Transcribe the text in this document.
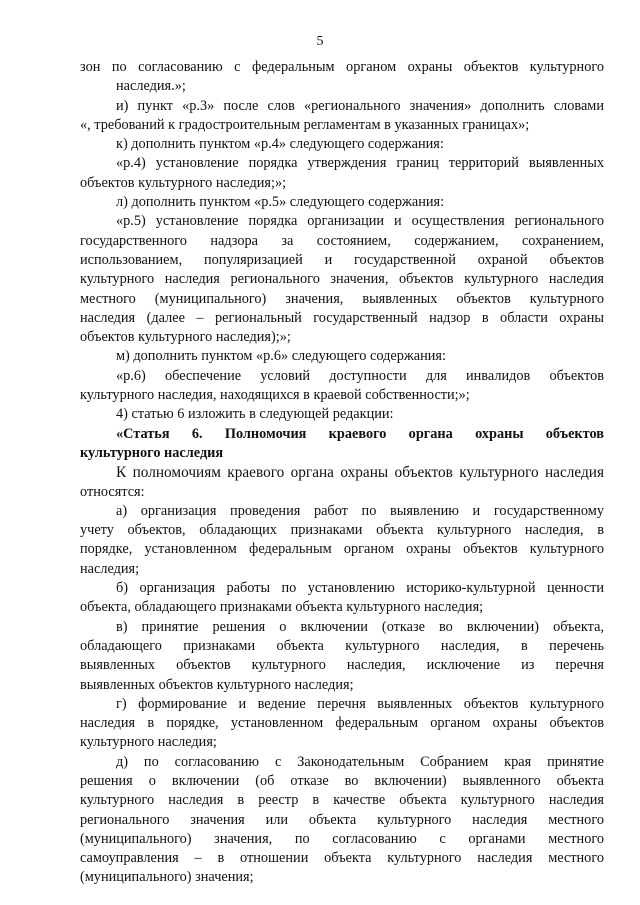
5
зон по согласованию с федеральным органом охраны объектов культурного
наследия.»;
и) пункт «р.3» после слов «регионального значения» дополнить словами
«, требований к градостроительным регламентам в указанных границах»;
к) дополнить пунктом «р.4» следующего содержания:
«р.4) установление порядка утверждения границ территорий выявленных
объектов культурного наследия;»;
л) дополнить пунктом «р.5» следующего содержания:
«р.5) установление порядка организации и осуществления регионального
государственного надзора за состоянием, содержанием, сохранением,
использованием, популяризацией и государственной охраной объектов
культурного наследия регионального значения, объектов культурного наследия
местного (муниципального) значения, выявленных объектов культурного
наследия (далее – региональный государственный надзор в области охраны
объектов культурного наследия);»;
м) дополнить пунктом «р.6» следующего содержания:
«р.6) обеспечение условий доступности для инвалидов объектов
культурного наследия, находящихся в краевой собственности;»;
4) статью 6 изложить в следующей редакции:
«Статья 6. Полномочия краевого органа охраны объектов
культурного наследия
К полномочиям краевого органа охраны объектов культурного наследия
относятся:
а) организация проведения работ по выявлению и государственному
учету объектов, обладающих признаками объекта культурного наследия, в
порядке, установленном федеральным органом охраны объектов культурного
наследия;
б) организация работы по установлению историко-культурной ценности
объекта, обладающего признаками объекта культурного наследия;
в) принятие решения о включении (отказе во включении) объекта,
обладающего признаками объекта культурного наследия, в перечень
выявленных объектов культурного наследия, исключение из перечня
выявленных объектов культурного наследия;
г) формирование и ведение перечня выявленных объектов культурного
наследия в порядке, установленном федеральным органом охраны объектов
культурного наследия;
д) по согласованию с Законодательным Собранием края принятие
решения о включении (об отказе во включении) выявленного объекта
культурного наследия в реестр в качестве объекта культурного наследия
регионального значения или объекта культурного наследия местного
(муниципального) значения, по согласованию с органами местного
самоуправления – в отношении объекта культурного наследия местного
(муниципального) значения;
